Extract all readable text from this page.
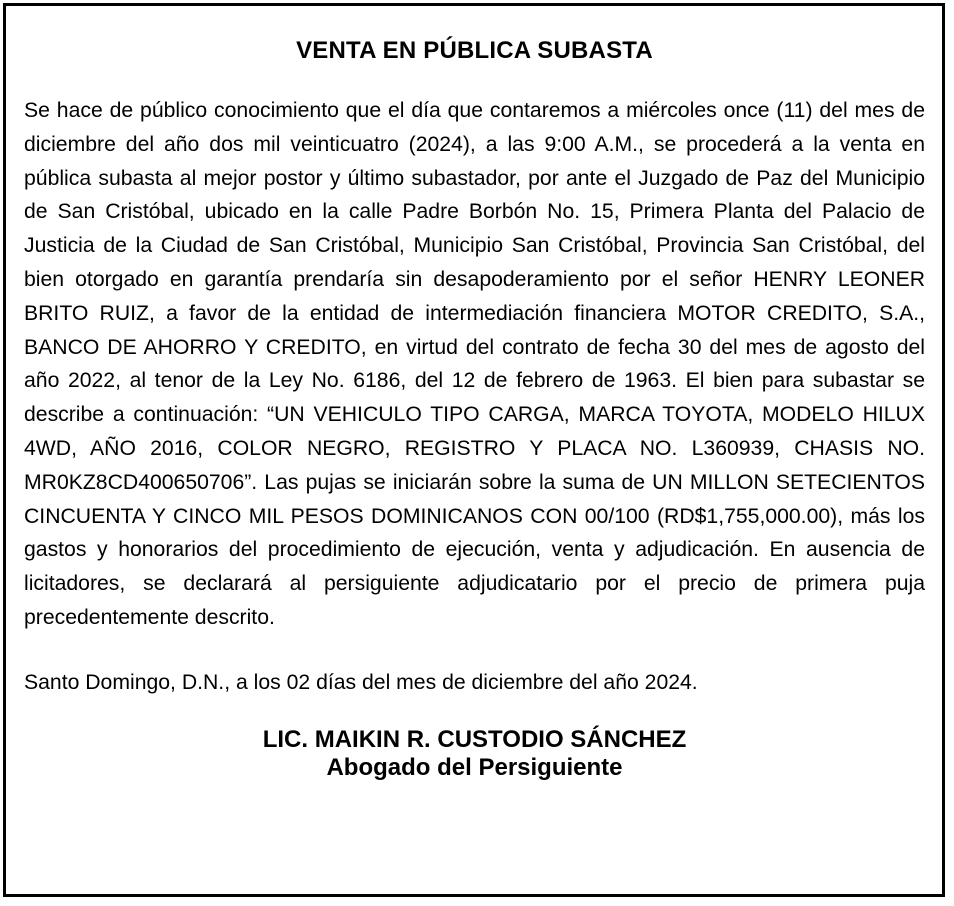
VENTA EN PÚBLICA SUBASTA

Se hace de público conocimiento que el día que contaremos a miércoles once (11) del mes de diciembre del año dos mil veinticuatro (2024), a las 9:00 A.M., se procederá a la venta en pública subasta al mejor postor y último subastador, por ante el Juzgado de Paz del Municipio de San Cristóbal, ubicado en la calle Padre Borbón No. 15, Primera Planta del Palacio de Justicia de la Ciudad de San Cristóbal, Municipio San Cristóbal, Provincia San Cristóbal, del bien otorgado en garantía prendaría sin desapoderamiento por el señor HENRY LEONER BRITO RUIZ, a favor de la entidad de intermediación financiera MOTOR CREDITO, S.A., BANCO DE AHORRO Y CREDITO, en virtud del contrato de fecha 30 del mes de agosto del año 2022, al tenor de la Ley No. 6186, del 12 de febrero de 1963. El bien para subastar se describe a continuación: “UN VEHICULO TIPO CARGA, MARCA TOYOTA, MODELO HILUX 4WD, AÑO 2016, COLOR NEGRO, REGISTRO Y PLACA NO. L360939, CHASIS NO. MR0KZ8CD400650706”. Las pujas se iniciarán sobre la suma de UN MILLON SETECIENTOS CINCUENTA Y CINCO MIL PESOS DOMINICANOS CON 00/100 (RD$1,755,000.00), más los gastos y honorarios del procedimiento de ejecución, venta y adjudicación. En ausencia de licitadores, se declarará al persiguiente adjudicatario por el precio de primera puja precedentemente descrito.

Santo Domingo, D.N., a los 02 días del mes de diciembre del año 2024.

LIC. MAIKIN R. CUSTODIO SÁNCHEZ
Abogado del Persiguiente
